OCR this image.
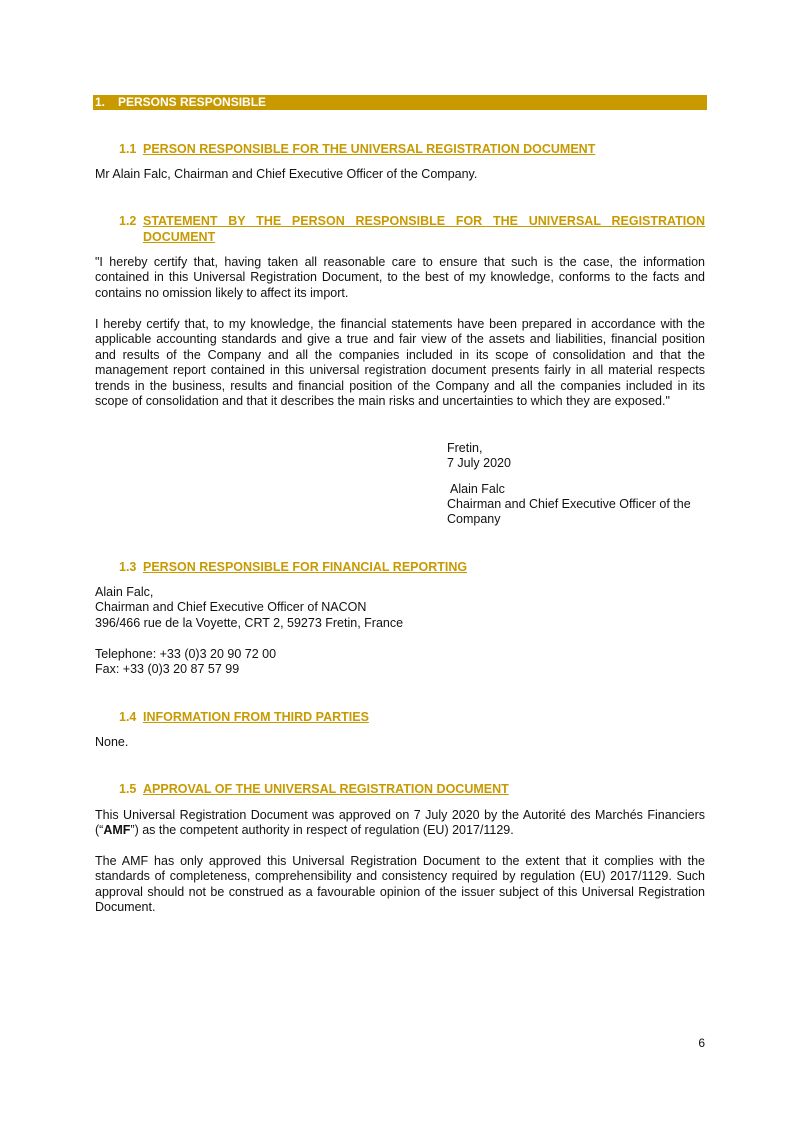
1. PERSONS RESPONSIBLE
1.1 PERSON RESPONSIBLE FOR THE UNIVERSAL REGISTRATION DOCUMENT

Mr Alain Falc, Chairman and Chief Executive Officer of the Company.

1.2 STATEMENT BY THE PERSON RESPONSIBLE FOR THE UNIVERSAL REGISTRATION DOCUMENT

"I hereby certify that, having taken all reasonable care to ensure that such is the case, the information contained in this Universal Registration Document, to the best of my knowledge, conforms to the facts and contains no omission likely to affect its import.

I hereby certify that, to my knowledge, the financial statements have been prepared in accordance with the applicable accounting standards and give a true and fair view of the assets and liabilities, financial position and results of the Company and all the companies included in its scope of consolidation and that the management report contained in this universal registration document presents fairly in all material respects trends in the business, results and financial position of the Company and all the companies included in its scope of consolidation and that it describes the main risks and uncertainties to which they are exposed."

Fretin,
7 July 2020
Alain Falc
Chairman and Chief Executive Officer of the
Company
1.3 PERSON RESPONSIBLE FOR FINANCIAL REPORTING
Alain Falc,
Chairman and Chief Executive Officer of NACON
396/466 rue de la Voyette, CRT 2, 59273 Fretin, France
Telephone: +33 (0)3 20 90 72 00
Fax: +33 (0)3 20 87 57 99
1.4 INFORMATION FROM THIRD PARTIES
None.
1.5 APPROVAL OF THE UNIVERSAL REGISTRATION DOCUMENT

This Universal Registration Document was approved on 7 July 2020 by the Autorité des Marchés Financiers (“AMF”) as the competent authority in respect of regulation (EU) 2017/1129.

The AMF has only approved this Universal Registration Document to the extent that it complies with the standards of completeness, comprehensibility and consistency required by regulation (EU) 2017/1129. Such approval should not be construed as a favourable opinion of the issuer subject of this Universal Registration Document.

6
